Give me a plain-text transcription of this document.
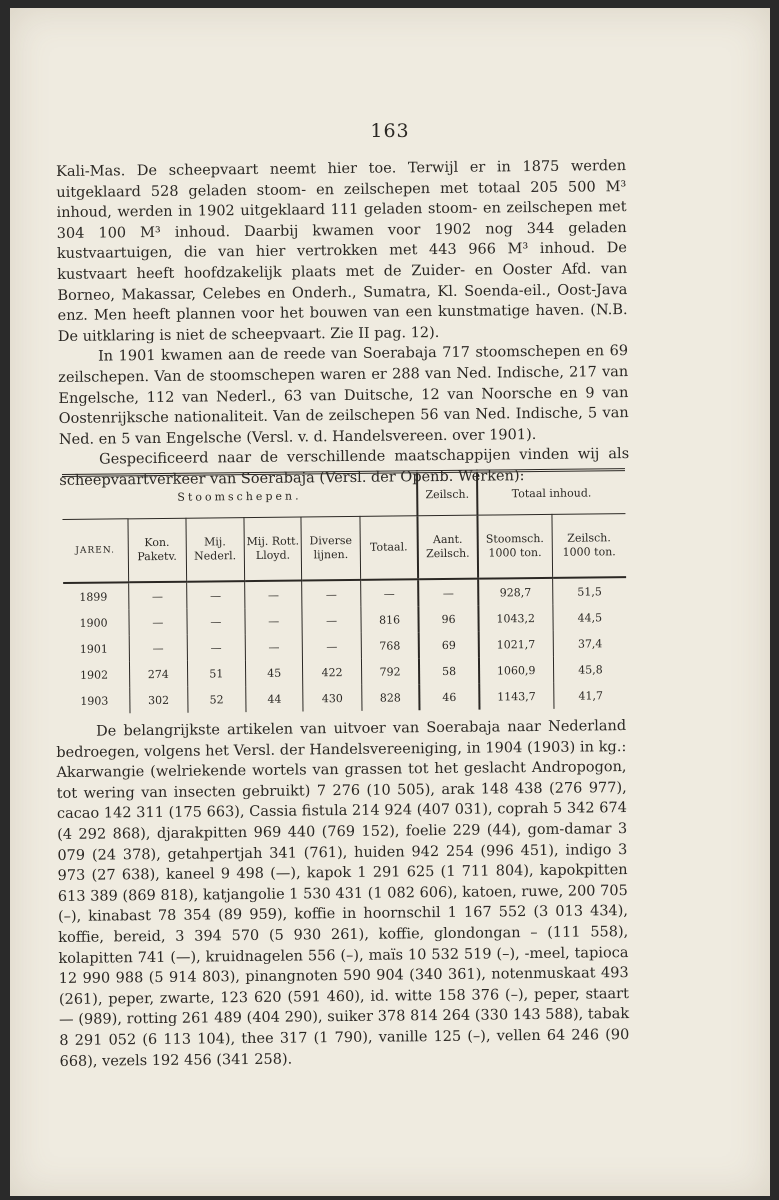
163

Kali-Mas. De scheepvaart neemt hier toe. Terwijl er in 1875 werden uitgeklaard 528 geladen stoom- en zeilschepen met totaal 205 500 M³ inhoud, werden in 1902 uitgeklaard 111 geladen stoom- en zeilschepen met 304 100 M³ inhoud. Daarbij kwamen voor 1902 nog 344 geladen kustvaartuigen, die van hier vertrokken met 443 966 M³ inhoud. De kustvaart heeft hoofdzakelijk plaats met de Zuider- en Ooster Afd. van Borneo, Makassar, Celebes en Onderh., Sumatra, Kl. Soenda-eil., Oost-Java enz. Men heeft plannen voor het bouwen van een kunstmatige haven. (N.B. De uitklaring is niet de scheepvaart. Zie II pag. 12).

In 1901 kwamen aan de reede van Soerabaja 717 stoomschepen en 69 zeilschepen. Van de stoomschepen waren er 288 van Ned. Indische, 217 van Engelsche, 112 van Nederl., 63 van Duitsche, 12 van Noorsche en 9 van Oostenrijksche nationaliteit. Van de zeilschepen 56 van Ned. Indische, 5 van Ned. en 5 van Engelsche (Versl. v. d. Handelsvereen. over 1901).

Gespecificeerd naar de verschillende maatschappijen vinden wij als scheepvaartverkeer van Soerabaja (Versl. der Openb. Werken):

Stoomschepen.						Zeilsch.	Totaal inhoud.	
JAREN.	Kon. Paketv.	Mij. Nederl.	Mij. Rott. Lloyd.	Diverse lijnen.	Totaal.	Aant. Zeilsch.	Stoomsch. 1000 ton.	Zeilsch. 1000 ton.
1899	—	—	—	—	—	—	928,7	51,5
1900	—	—	—	—	816	96	1043,2	44,5
1901	—	—	—	—	768	69	1021,7	37,4
1902	274	51	45	422	792	58	1060,9	45,8
1903	302	52	44	430	828	46	1143,7	41,7

De belangrijkste artikelen van uitvoer van Soerabaja naar Nederland bedroegen, volgens het Versl. der Handelsvereeniging, in 1904 (1903) in kg.: Akarwangie (welriekende wortels van grassen tot het geslacht Andropogon, tot wering van insecten gebruikt) 7 276 (10 505), arak 148 438 (276 977), cacao 142 311 (175 663), Cassia fistula 214 924 (407 031), coprah 5 342 674 (4 292 868), djarakpitten 969 440 (769 152), foelie 229 (44), gom-damar 3 079 (24 378), getahpertjah 341 (761), huiden 942 254 (996 451), indigo 3 973 (27 638), kaneel 9 498 (—), kapok 1 291 625 (1 711 804), kapokpitten 613 389 (869 818), katjangolie 1 530 431 (1 082 606), katoen, ruwe, 200 705 (–), kinabast 78 354 (89 959), koffie in hoornschil 1 167 552 (3 013 434), koffie, bereid, 3 394 570 (5 930 261), koffie, glondongan – (111 558), kolapitten 741 (—), kruidnagelen 556 (–), maïs 10 532 519 (–), -meel, tapioca 12 990 988 (5 914 803), pinangnoten 590 904 (340 361), notenmuskaat 493 (261), peper, zwarte, 123 620 (591 460), id. witte 158 376 (–), peper, staart — (989), rotting 261 489 (404 290), suiker 378 814 264 (330 143 588), tabak 8 291 052 (6 113 104), thee 317 (1 790), vanille 125 (–), vellen 64 246 (90 668), vezels 192 456 (341 258).
